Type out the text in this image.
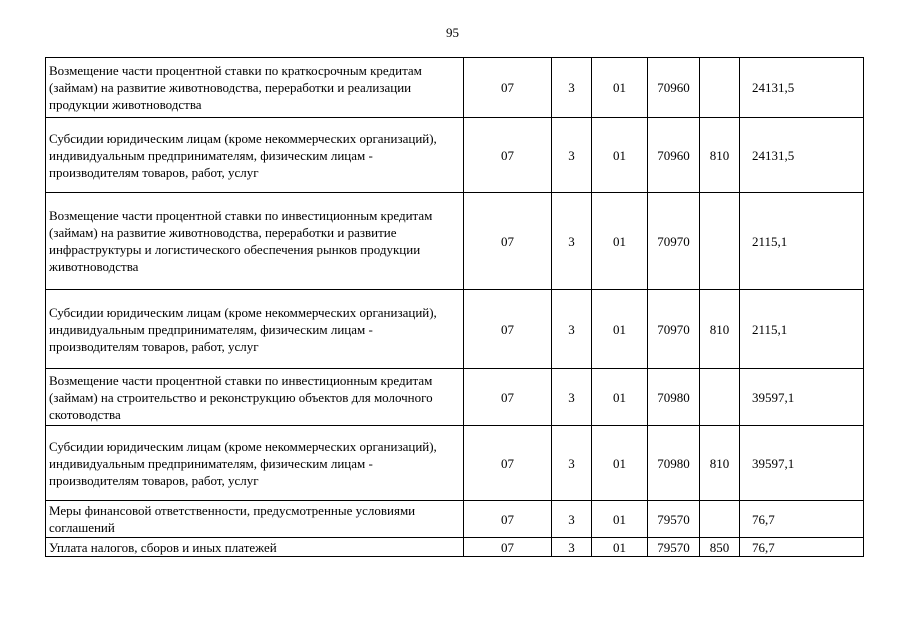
95
Возмещение части процентной ставки по краткосрочным кредитам (займам) на развитие животноводства, переработки и реализации продукции животноводства	07	3	01	70960		24131,5
Субсидии юридическим лицам (кроме некоммерческих организаций), индивидуальным предпринимателям, физическим лицам - производителям товаров, работ, услуг	07	3	01	70960	810	24131,5
Возмещение части процентной ставки по инвестиционным кредитам (займам) на развитие животноводства, переработки и развитие инфраструктуры и логистического обеспечения рынков продукции животноводства	07	3	01	70970		2115,1
Субсидии юридическим лицам (кроме некоммерческих организаций), индивидуальным предпринимателям, физическим лицам - производителям товаров, работ, услуг	07	3	01	70970	810	2115,1
Возмещение части процентной ставки по инвестиционным кредитам (займам) на строительство и реконструкцию объектов для молочного скотоводства	07	3	01	70980		39597,1
Субсидии юридическим лицам (кроме некоммерческих организаций), индивидуальным предпринимателям, физическим лицам - производителям товаров, работ, услуг	07	3	01	70980	810	39597,1
Меры финансовой ответственности, предусмотренные условиями соглашений	07	3	01	79570		76,7
Уплата налогов, сборов и иных платежей	07	3	01	79570	850	76,7
